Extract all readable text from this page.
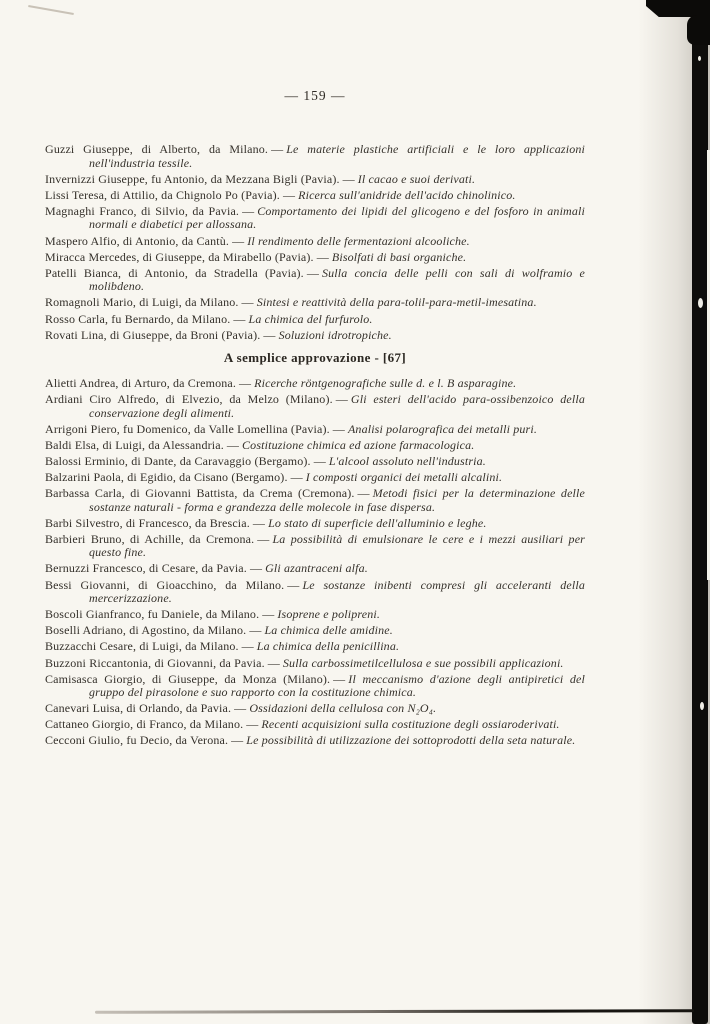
— 159 —

Guzzi Giuseppe, di Alberto, da Milano. — Le materie plastiche artificiali e le loro applicazioni nell'industria tessile.

Invernizzi Giuseppe, fu Antonio, da Mezzana Bigli (Pavia). — Il cacao e suoi derivati.

Lissi Teresa, di Attilio, da Chignolo Po (Pavia). — Ricerca sull'anidride dell'acido chinolinico.

Magnaghi Franco, di Silvio, da Pavia. — Comportamento dei lipidi del glicogeno e del fosforo in animali normali e diabetici per allossana.

Maspero Alfio, di Antonio, da Cantù. — Il rendimento delle fermentazioni alcooliche.

Miracca Mercedes, di Giuseppe, da Mirabello (Pavia). — Bisolfati di basi organiche.

Patelli Bianca, di Antonio, da Stradella (Pavia). — Sulla concia delle pelli con sali di wolframio e molibdeno.

Romagnoli Mario, di Luigi, da Milano. — Sintesi e reattività della para-tolil-para-metil-imesatina.

Rosso Carla, fu Bernardo, da Milano. — La chimica del furfurolo.

Rovati Lina, di Giuseppe, da Broni (Pavia). — Soluzioni idrotropiche.

A semplice approvazione - [67]

Alietti Andrea, di Arturo, da Cremona. — Ricerche röntgenografiche sulle d. e l. B asparagine.

Ardiani Ciro Alfredo, di Elvezio, da Melzo (Milano). — Gli esteri dell'acido para-ossibenzoico della conservazione degli alimenti.

Arrigoni Piero, fu Domenico, da Valle Lomellina (Pavia). — Analisi polarografica dei metalli puri.

Baldi Elsa, di Luigi, da Alessandria. — Costituzione chimica ed azione farmacologica.

Balossi Erminio, di Dante, da Caravaggio (Bergamo). — L'alcool assoluto nell'industria.

Balzarini Paola, di Egidio, da Cisano (Bergamo). — I composti organici dei metalli alcalini.

Barbassa Carla, di Giovanni Battista, da Crema (Cremona). — Metodi fisici per la determinazione delle sostanze naturali - forma e grandezza delle molecole in fase dispersa.

Barbi Silvestro, di Francesco, da Brescia. — Lo stato di superficie dell'alluminio e leghe.

Barbieri Bruno, di Achille, da Cremona. — La possibilità di emulsionare le cere e i mezzi ausiliari per questo fine.

Bernuzzi Francesco, di Cesare, da Pavia. — Gli azantraceni alfa.

Bessi Giovanni, di Gioacchino, da Milano. — Le sostanze inibenti compresi gli acceleranti della mercerizzazione.

Boscoli Gianfranco, fu Daniele, da Milano. — Isoprene e polipreni.

Boselli Adriano, di Agostino, da Milano. — La chimica delle amidine.

Buzzacchi Cesare, di Luigi, da Milano. — La chimica della penicillina.

Buzzoni Riccantonia, di Giovanni, da Pavia. — Sulla carbossimetilcellulosa e sue possibili applicazioni.

Camisasca Giorgio, di Giuseppe, da Monza (Milano). — Il meccanismo d'azione degli antipiretici del gruppo del pirasolone e suo rapporto con la costituzione chimica.

Canevari Luisa, di Orlando, da Pavia. — Ossidazioni della cellulosa con N₂O₄.

Cattaneo Giorgio, di Franco, da Milano. — Recenti acquisizioni sulla costituzione degli ossiaroderivati.

Cecconi Giulio, fu Decio, da Verona. — Le possibilità di utilizzazione dei sottoprodotti della seta naturale.
